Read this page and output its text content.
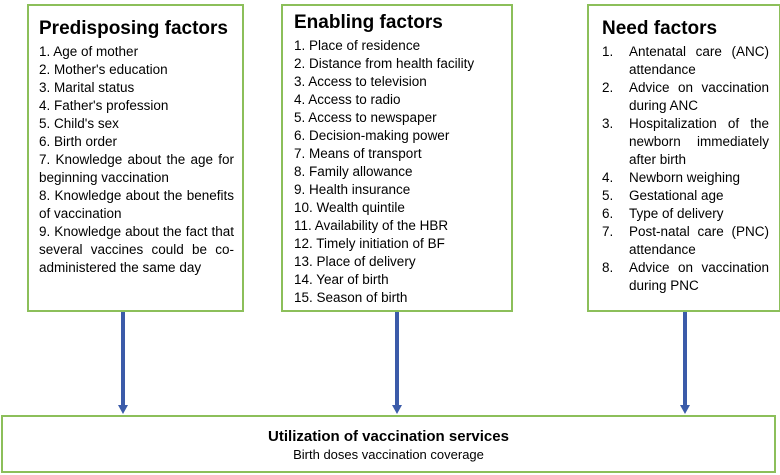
Predisposing factors
1. Age of mother
2. Mother's education
3. Marital status
4. Father's profession
5. Child's sex
6. Birth order
7. Knowledge about the age for beginning vaccination
8. Knowledge about the benefits of vaccination
9. Knowledge about the fact that several vaccines could be co-administered the same day
Enabling factors
1. Place of residence
2. Distance from health facility
3. Access to television
4. Access to radio
5. Access to newspaper
6. Decision-making power
7. Means of transport
8. Family allowance
9. Health insurance
10. Wealth quintile
11. Availability of the HBR
12. Timely initiation of BF
13. Place of delivery
14. Year of birth
15. Season of birth
Need factors
1.	Antenatal care (ANC) attendance
2.	Advice on vaccination during ANC
3.	Hospitalization of the newborn immediately after birth
4.	Newborn weighing
5.	Gestational age
6.	Type of delivery
7.	Post-natal care (PNC) attendance
8.	Advice on vaccination during PNC
Utilization of vaccination services
Birth doses vaccination coverage
